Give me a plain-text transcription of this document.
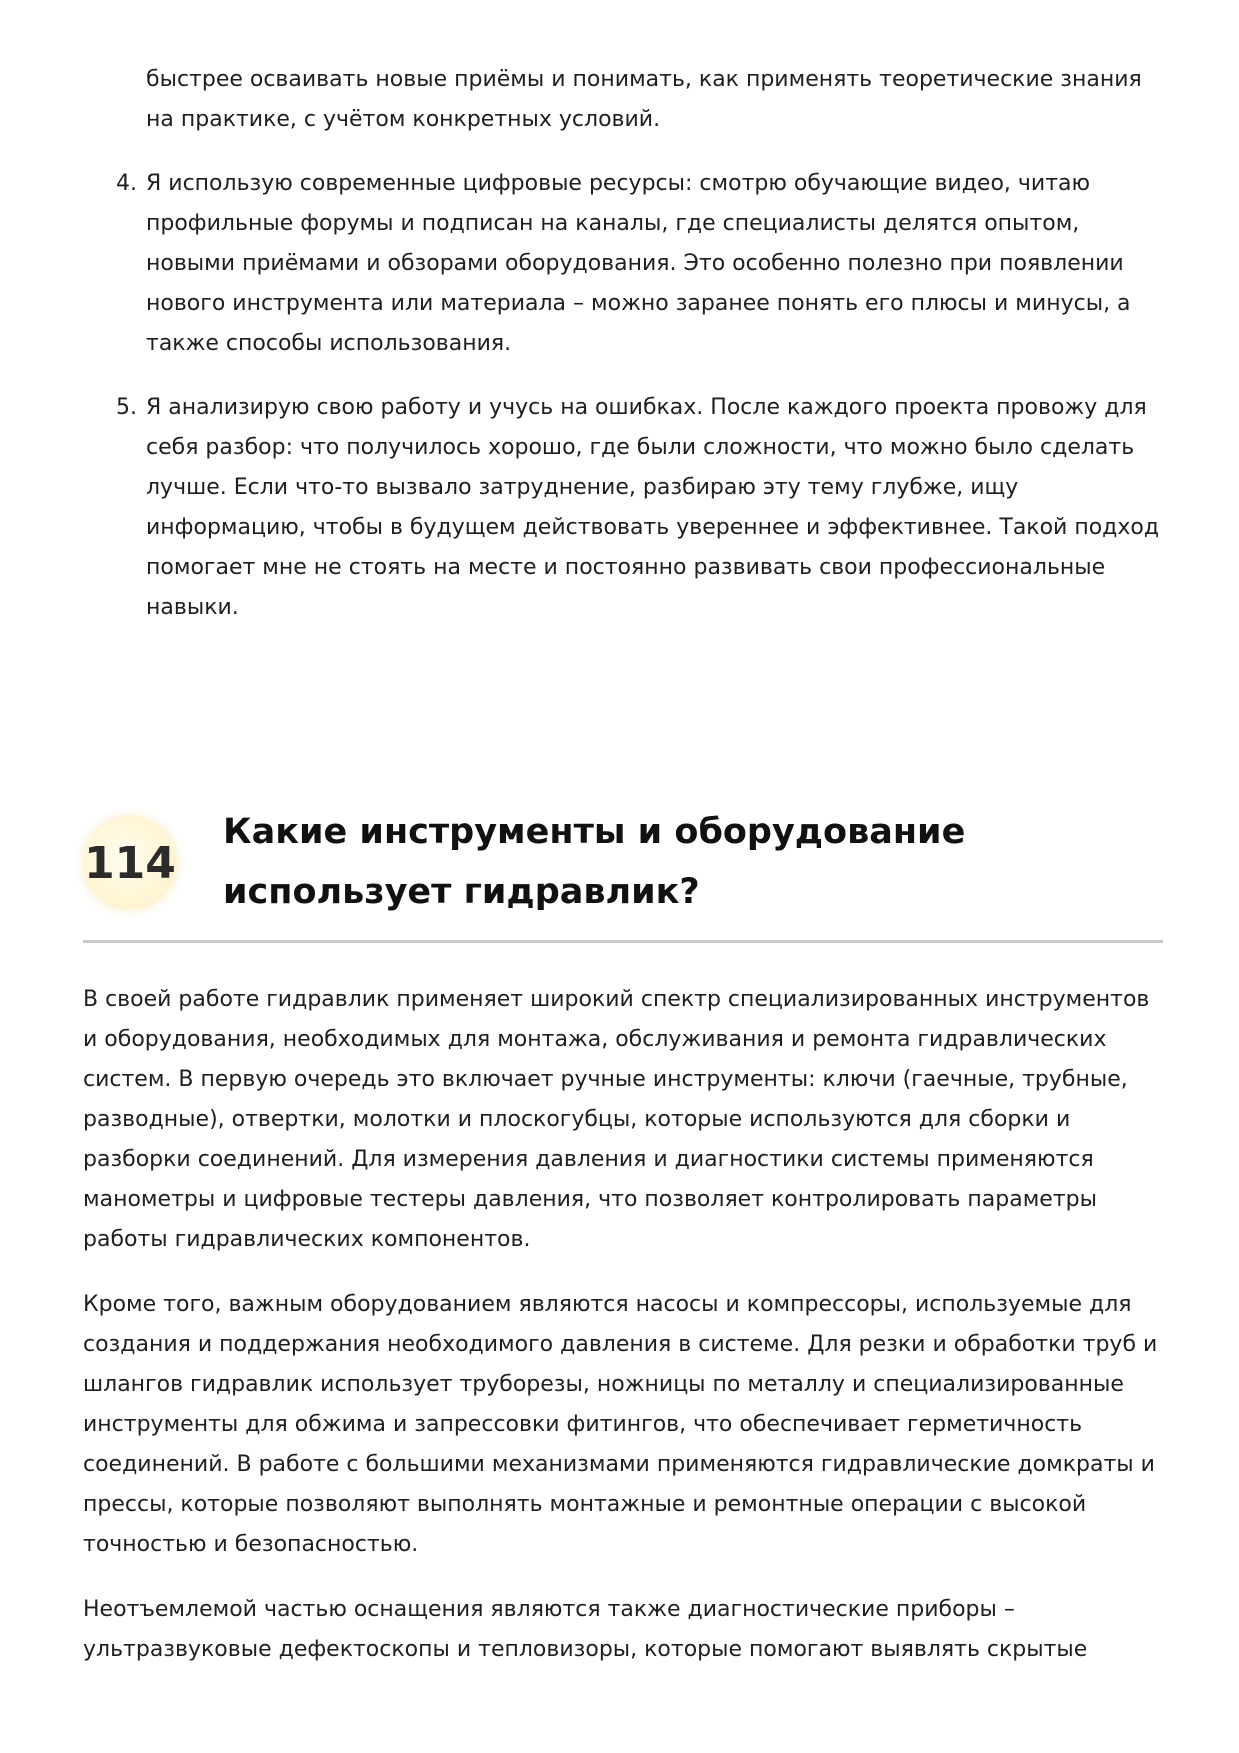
быстрее осваивать новые приёмы и понимать, как применять теоретические знания на практике, с учётом конкретных условий.
4. Я использую современные цифровые ресурсы: смотрю обучающие видео, читаю профильные форумы и подписан на каналы, где специалисты делятся опытом, новыми приёмами и обзорами оборудования. Это особенно полезно при появлении нового инструмента или материала – можно заранее понять его плюсы и минусы, а также способы использования.
5. Я анализирую свою работу и учусь на ошибках. После каждого проекта провожу для себя разбор: что получилось хорошо, где были сложности, что можно было сделать лучше. Если что-то вызвало затруднение, разбираю эту тему глубже, ищу информацию, чтобы в будущем действовать увереннее и эффективнее. Такой подход помогает мне не стоять на месте и постоянно развивать свои профессиональные навыки.
114
Какие инструменты и оборудование использует гидравлик?

В своей работе гидравлик применяет широкий спектр специализированных инструментов и оборудования, необходимых для монтажа, обслуживания и ремонта гидравлических систем. В первую очередь это включает ручные инструменты: ключи (гаечные, трубные, разводные), отвертки, молотки и плоскогубцы, которые используются для сборки и разборки соединений. Для измерения давления и диагностики системы применяются манометры и цифровые тестеры давления, что позволяет контролировать параметры работы гидравлических компонентов.

Кроме того, важным оборудованием являются насосы и компрессоры, используемые для создания и поддержания необходимого давления в системе. Для резки и обработки труб и шлангов гидравлик использует труборезы, ножницы по металлу и специализированные инструменты для обжима и запрессовки фитингов, что обеспечивает герметичность соединений. В работе с большими механизмами применяются гидравлические домкраты и прессы, которые позволяют выполнять монтажные и ремонтные операции с высокой точностью и безопасностью.

Неотъемлемой частью оснащения являются также диагностические приборы – ультразвуковые дефектоскопы и тепловизоры, которые помогают выявлять скрытые
